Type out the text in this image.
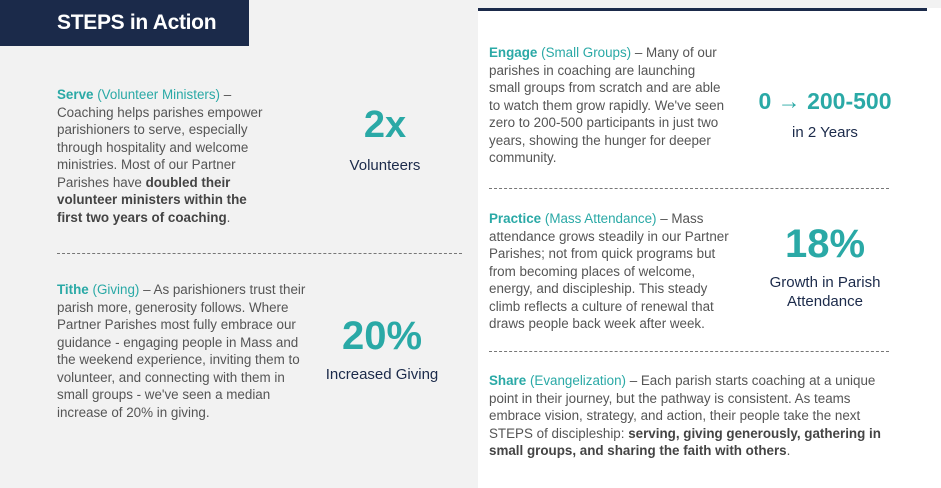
STEPS in Action
Serve (Volunteer Ministers) – Coaching helps parishes empower parishioners to serve, especially through hospitality and welcome ministries. Most of our Partner Parishes have doubled their volunteer ministers within the first two years of coaching.
2x
Volunteers
Tithe (Giving) – As parishioners trust their parish more, generosity follows. Where Partner Parishes most fully embrace our guidance - engaging people in Mass and the weekend experience, inviting them to volunteer, and connecting with them in small groups - we've seen a median increase of 20% in giving.
20%
Increased Giving
Engage (Small Groups) – Many of our parishes in coaching are launching small groups from scratch and are able to watch them grow rapidly. We've seen zero to 200-500 participants in just two years, showing the hunger for deeper community.
0 → 200-500
in 2 Years
Practice (Mass Attendance) – Mass attendance grows steadily in our Partner Parishes; not from quick programs but from becoming places of welcome, energy, and discipleship. This steady climb reflects a culture of renewal that draws people back week after week.
18%
Growth in Parish
Attendance
Share (Evangelization) – Each parish starts coaching at a unique point in their journey, but the pathway is consistent. As teams embrace vision, strategy, and action, their people take the next STEPS of discipleship: serving, giving generously, gathering in small groups, and sharing the faith with others.
